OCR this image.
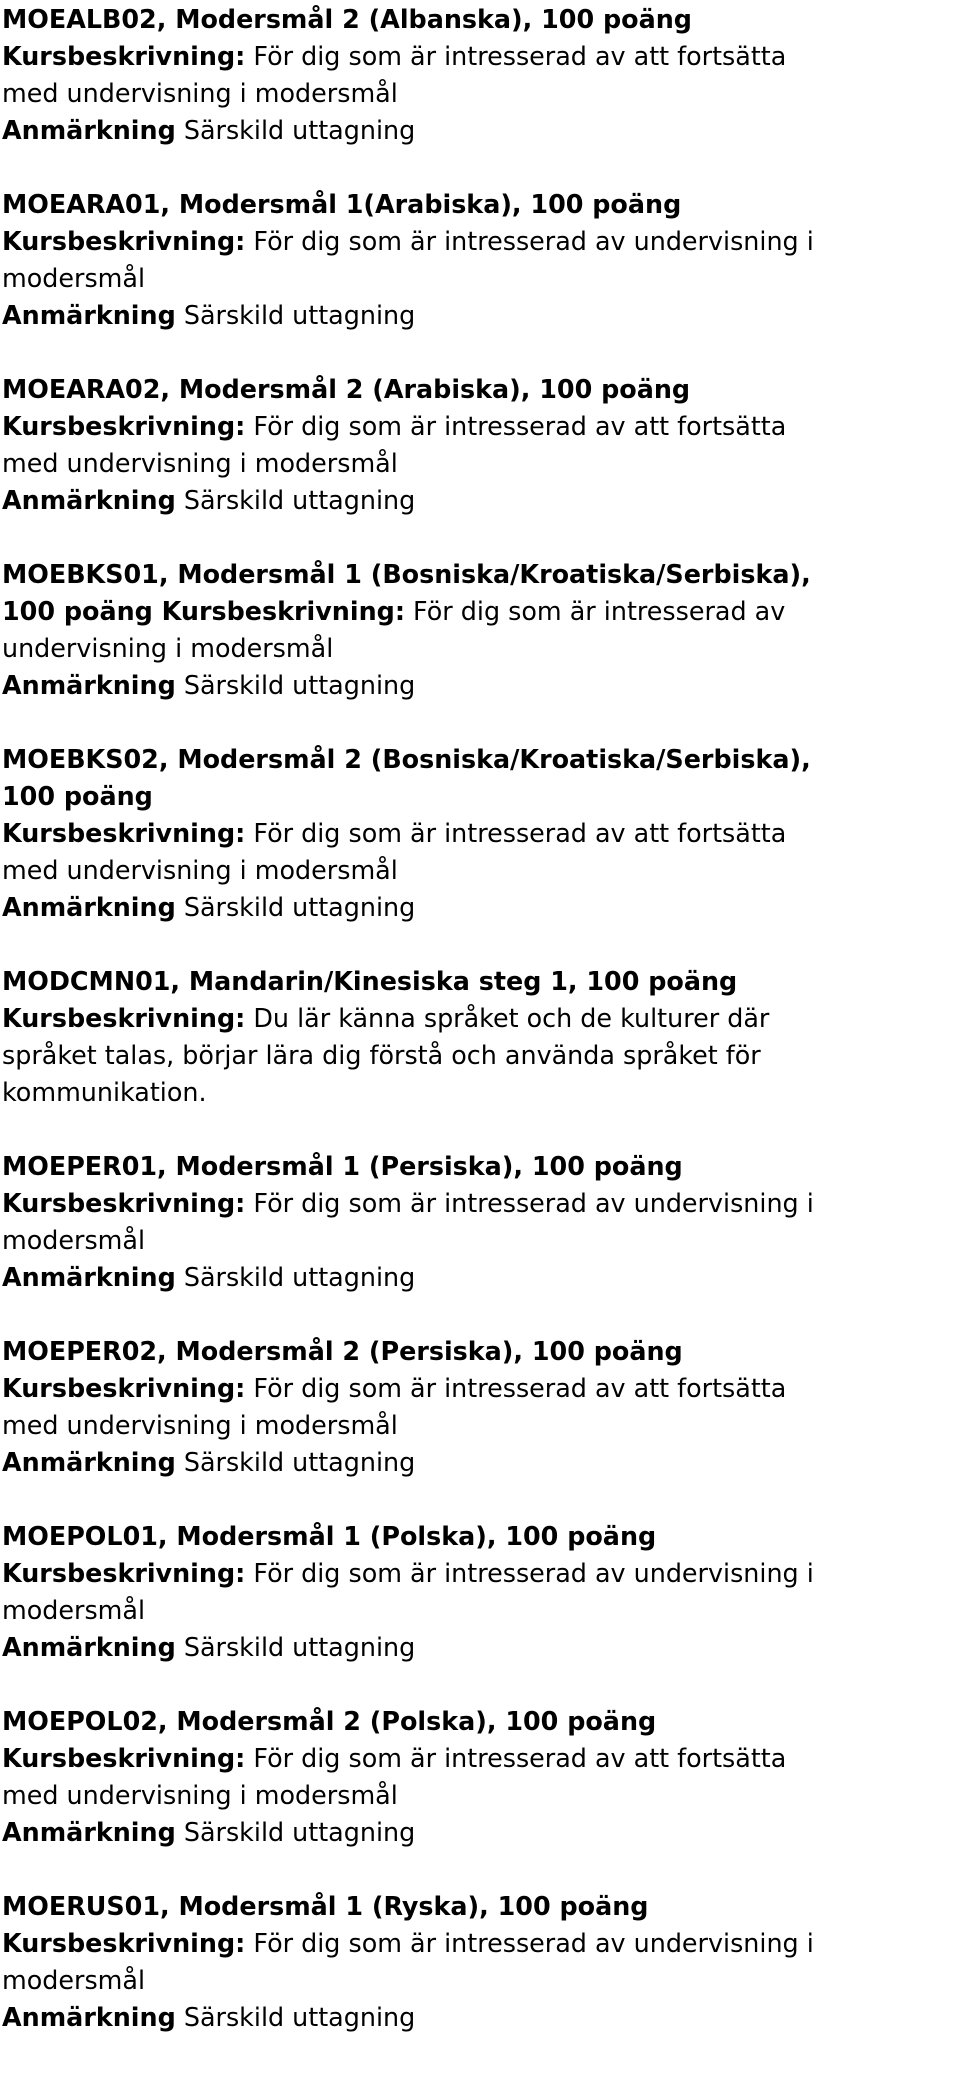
MOEALB02, Modersmål 2 (Albanska), 100 poäng

Kursbeskrivning: För dig som är intresserad av att fortsätta

med undervisning i modersmål

Anmärkning Särskild uttagning

MOEARA01, Modersmål 1(Arabiska), 100 poäng

Kursbeskrivning: För dig som är intresserad av undervisning i

modersmål

Anmärkning Särskild uttagning

MOEARA02, Modersmål 2 (Arabiska), 100 poäng

Kursbeskrivning: För dig som är intresserad av att fortsätta

med undervisning i modersmål

Anmärkning Särskild uttagning

MOEBKS01, Modersmål 1 (Bosniska/Kroatiska/Serbiska),

100 poäng Kursbeskrivning: För dig som är intresserad av

undervisning i modersmål

Anmärkning Särskild uttagning

MOEBKS02, Modersmål 2 (Bosniska/Kroatiska/Serbiska),

100 poäng

Kursbeskrivning: För dig som är intresserad av att fortsätta

med undervisning i modersmål

Anmärkning Särskild uttagning

MODCMN01, Mandarin/Kinesiska steg 1, 100 poäng

Kursbeskrivning: Du lär känna språket och de kulturer där

språket talas, börjar lära dig förstå och använda språket för

kommunikation.

MOEPER01, Modersmål 1 (Persiska), 100 poäng

Kursbeskrivning: För dig som är intresserad av undervisning i

modersmål

Anmärkning Särskild uttagning

MOEPER02, Modersmål 2 (Persiska), 100 poäng

Kursbeskrivning: För dig som är intresserad av att fortsätta

med undervisning i modersmål

Anmärkning Särskild uttagning

MOEPOL01, Modersmål 1 (Polska), 100 poäng

Kursbeskrivning: För dig som är intresserad av undervisning i

modersmål

Anmärkning Särskild uttagning

MOEPOL02, Modersmål 2 (Polska), 100 poäng

Kursbeskrivning: För dig som är intresserad av att fortsätta

med undervisning i modersmål

Anmärkning Särskild uttagning

MOERUS01, Modersmål 1 (Ryska), 100 poäng

Kursbeskrivning: För dig som är intresserad av undervisning i

modersmål

Anmärkning Särskild uttagning
